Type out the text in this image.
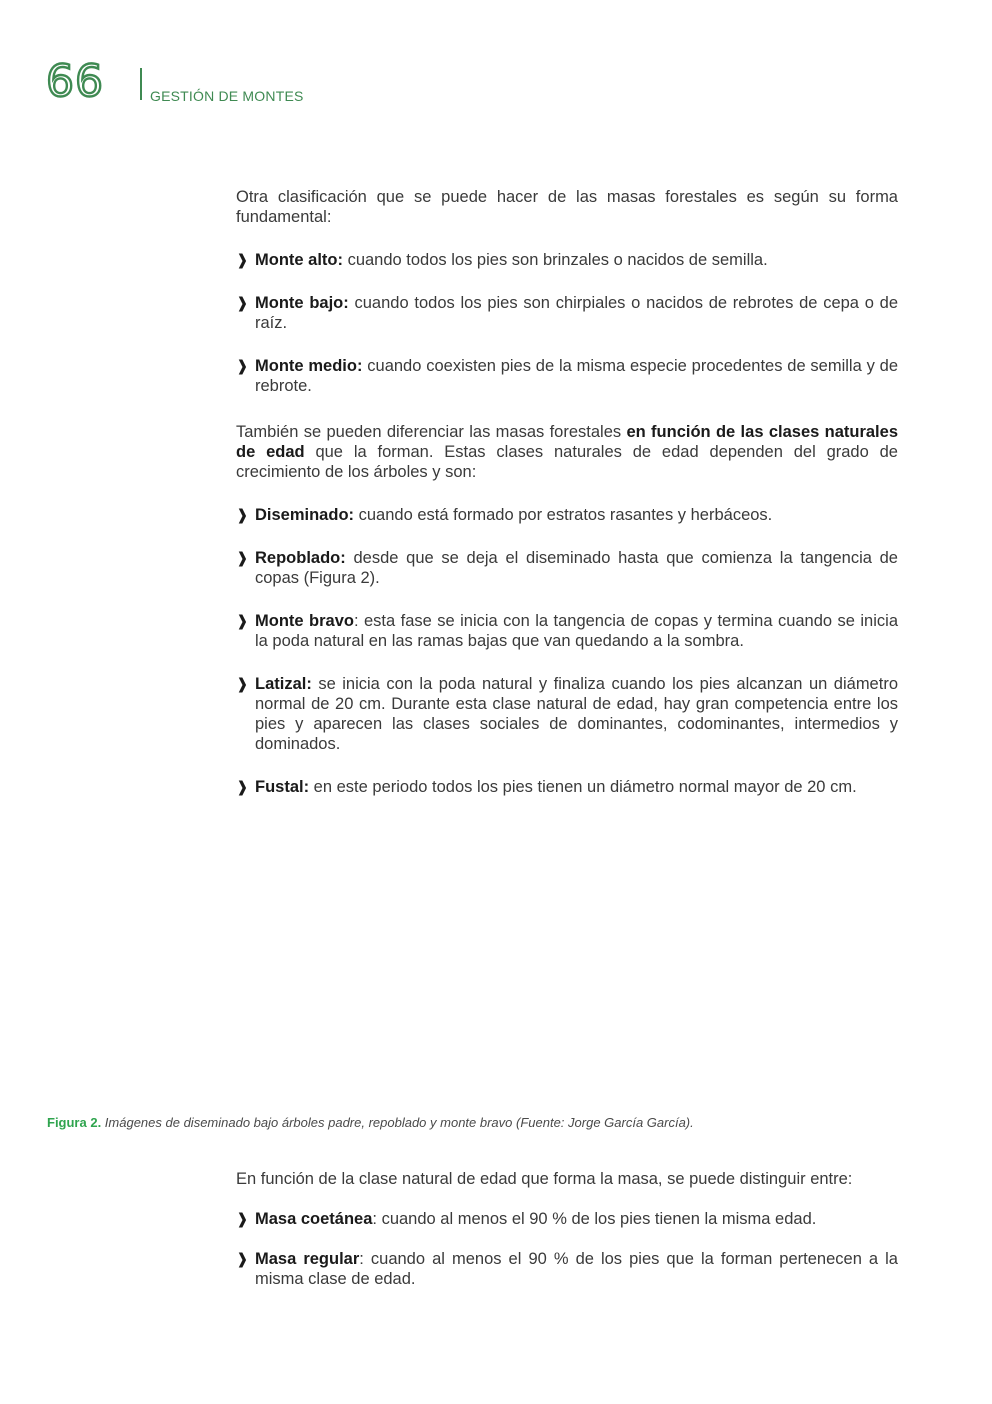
66	GESTIÓN DE MONTES

Otra clasificación que se puede hacer de las masas forestales es según su forma fundamental:

❱ Monte alto: cuando todos los pies son brinzales o nacidos de semilla.
❱ Monte bajo: cuando todos los pies son chirpiales o nacidos de rebrotes de cepa o de raíz.
❱ Monte medio: cuando coexisten pies de la misma especie procedentes de semilla y de rebrote.

También se pueden diferenciar las masas forestales en función de las clases naturales de edad que la forman. Estas clases naturales de edad dependen del grado de crecimiento de los árboles y son:

❱ Diseminado: cuando está formado por estratos rasantes y herbáceos.
❱ Repoblado: desde que se deja el diseminado hasta que comienza la tangencia de copas (Figura 2).
❱ Monte bravo: esta fase se inicia con la tangencia de copas y termina cuando se inicia la poda natural en las ramas bajas que van quedando a la sombra.
❱ Latizal: se inicia con la poda natural y finaliza cuando los pies alcanzan un diámetro normal de 20 cm. Durante esta clase natural de edad, hay gran competencia entre los pies y aparecen las clases sociales de dominantes, codominantes, intermedios y dominados.
❱ Fustal: en este periodo todos los pies tienen un diámetro normal mayor de 20 cm.
Figura 2. Imágenes de diseminado bajo árboles padre, repoblado y monte bravo (Fuente: Jorge García García).

En función de la clase natural de edad que forma la masa, se puede distinguir entre:

❱ Masa coetánea: cuando al menos el 90 % de los pies tienen la misma edad.
❱ Masa regular: cuando al menos el 90 % de los pies que la forman pertenecen a la misma clase de edad.
